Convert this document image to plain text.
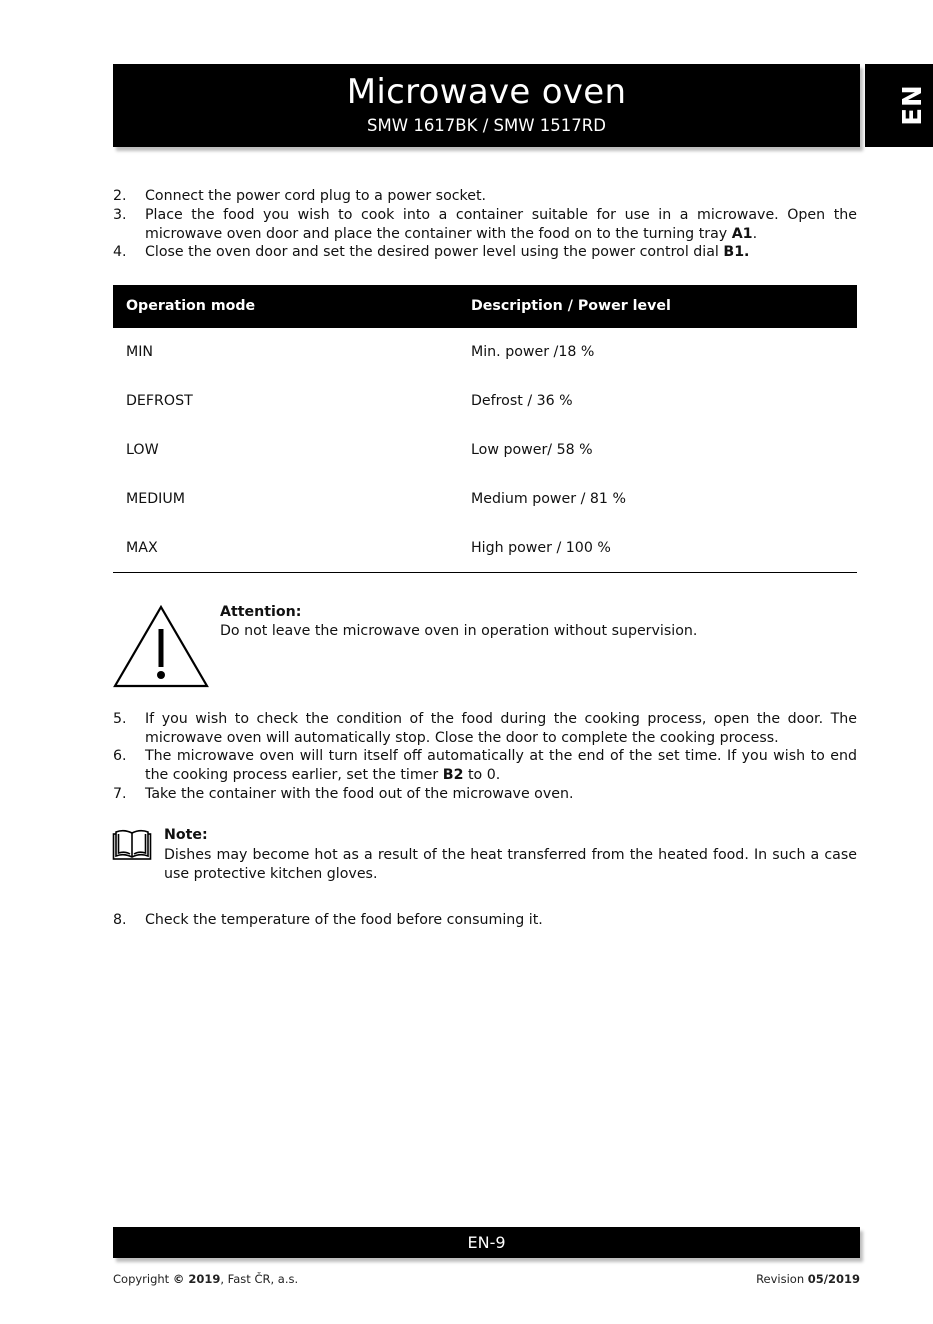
Microwave oven
SMW 1617BK / SMW 1517RD	EN
2.	Connect the power cord plug to a power socket.
3.	Place the food you wish to cook into a container suitable for use in a microwave. Open the microwave oven door and place the container with the food on to the turning tray A1.
4.	Close the oven door and set the desired power level using the power control dial B1.
Operation mode	Description / Power level
MIN	Min. power /18 %
DEFROST	Defrost / 36 %
LOW	Low power/ 58 %
MEDIUM	Medium power / 81 %
MAX	High power / 100 %
Attention:
Do not leave the microwave oven in operation without supervision.
5.	If you wish to check the condition of the food during the cooking process, open the door. The microwave oven will automatically stop. Close the door to complete the cooking process.
6.	The microwave oven will turn itself off automatically at the end of the set time. If you wish to end the cooking process earlier, set the timer B2 to 0.
7.	Take the container with the food out of the microwave oven.
Note:
Dishes may become hot as a result of the heat transferred from the heated food. In such a case use protective kitchen gloves.
8.	Check the temperature of the food before consuming it.
EN-9
Copyright © 2019, Fast ČR, a.s.	Revision 05/2019
